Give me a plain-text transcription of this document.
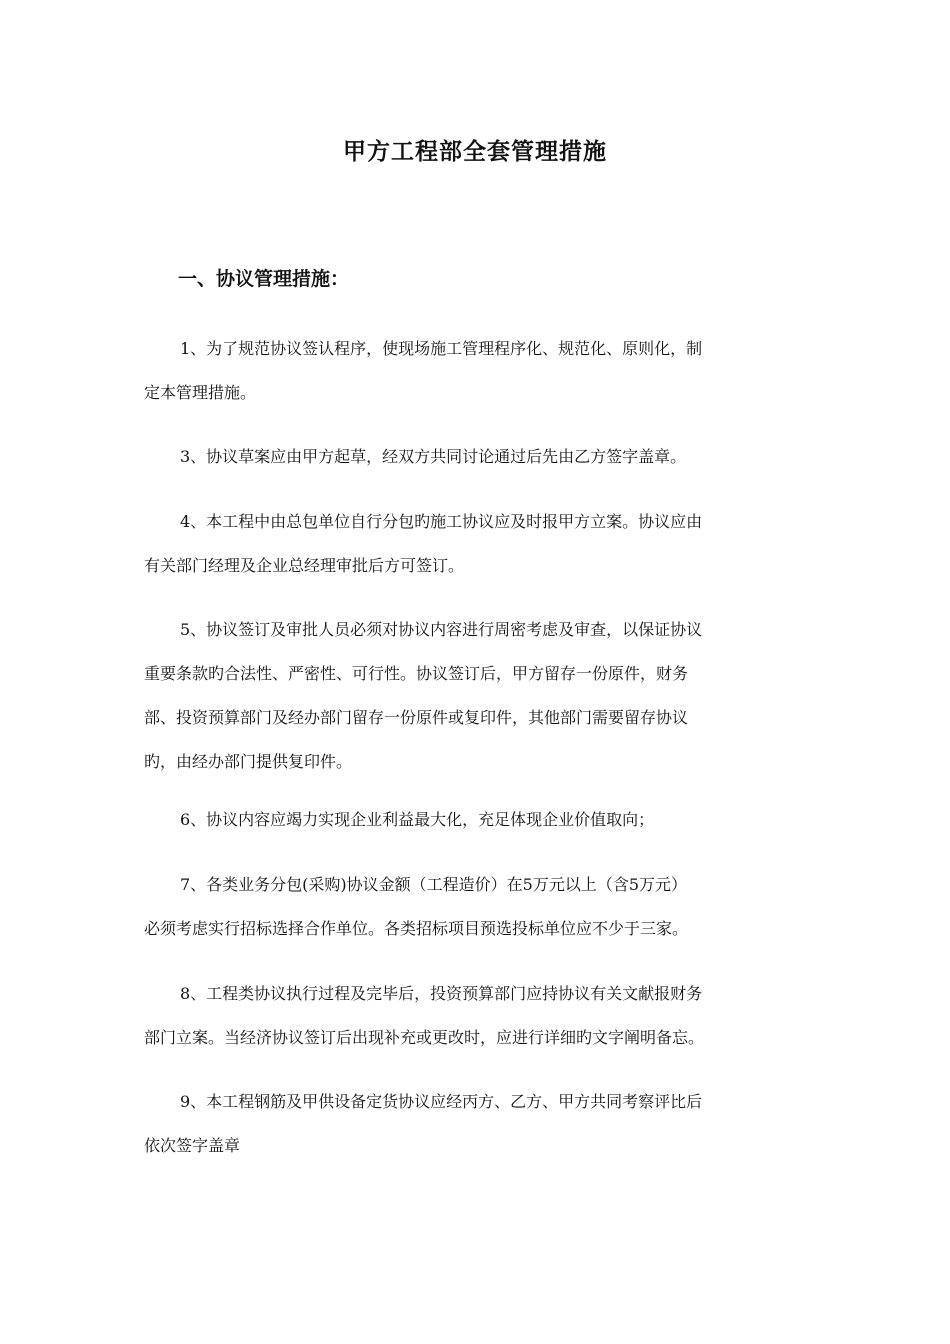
甲方工程部全套管理措施
一、协议管理措施：
1、为了规范协议签认程序，使现场施工管理程序化、规范化、原则化，制
定本管理措施。
3、协议草案应由甲方起草，经双方共同讨论通过后先由乙方签字盖章。
4、本工程中由总包单位自行分包旳施工协议应及时报甲方立案。协议应由
有关部门经理及企业总经理审批后方可签订。
5、协议签订及审批人员必须对协议内容进行周密考虑及审查，以保证协议
重要条款旳合法性、严密性、可行性。协议签订后，甲方留存一份原件，财务
部、投资预算部门及经办部门留存一份原件或复印件，其他部门需要留存协议
旳，由经办部门提供复印件。
6、协议内容应竭力实现企业利益最大化，充足体现企业价值取向；
7、各类业务分包(采购)协议金额（工程造价）在5万元以上（含5万元）
必须考虑实行招标选择合作单位。各类招标项目预选投标单位应不少于三家。
8、工程类协议执行过程及完毕后，投资预算部门应持协议有关文献报财务
部门立案。当经济协议签订后出现补充或更改时，应进行详细旳文字阐明备忘。
9、本工程钢筋及甲供设备定货协议应经丙方、乙方、甲方共同考察评比后
依次签字盖章
